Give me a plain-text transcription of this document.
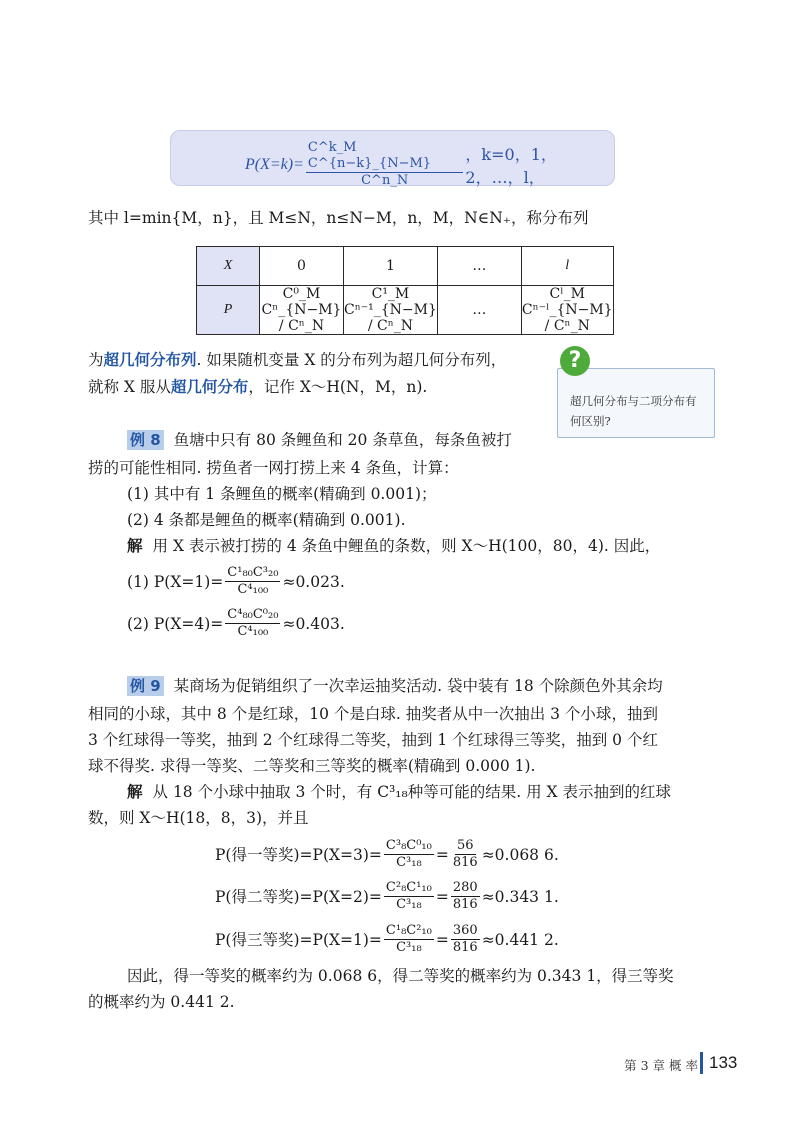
$P(X=k)= \frac{\text{C\textasciicircum{}k\_M C\textasciicircum{}\{n−k\}\_\{N−M\}}}{C\^{}n\_N}$ ，k=0，1，2，…，l，
其中 l=min{M，n}，且 M≤N，n≤N−M，n，M，N∈N₊，称分布列
X	0	1	…	l
P	C⁰_M Cⁿ_{N−M} / Cⁿ_N	C¹_M Cⁿ⁻¹_{N−M} / Cⁿ_N	…	Cˡ_M Cⁿ⁻ˡ_{N−M} / Cⁿ_N
为超几何分布列. 如果随机变量 X 的分布列为超几何分布列，
就称 X 服从超几何分布，记作 X～H(N，M，n).
超几何分布与二项分布有何区别?
?
例 8 鱼塘中只有 80 条鲤鱼和 20 条草鱼，每条鱼被打
捞的可能性相同. 捞鱼者一网打捞上来 4 条鱼，计算：
(1) 其中有 1 条鲤鱼的概率(精确到 0.001)；
(2) 4 条都是鲤鱼的概率(精确到 0.001).
解 用 X 表示被打捞的 4 条鱼中鲤鱼的条数，则 X～H(100，80，4). 因此，
(1) $P(X=1)= \frac{\text{C¹₈₀C³₂₀}}{\text{C⁴₁₀₀}} \approx 0.023$.
(2) $P(X=4)= \frac{\text{C⁴₈₀C⁰₂₀}}{\text{C⁴₁₀₀}} \approx 0.403$.
例 9 某商场为促销组织了一次幸运抽奖活动. 袋中装有 18 个除颜色外其余均
相同的小球，其中 8 个是红球，10 个是白球. 抽奖者从中一次抽出 3 个小球，抽到
3 个红球得一等奖，抽到 2 个红球得二等奖，抽到 1 个红球得三等奖，抽到 0 个红
球不得奖. 求得一等奖、二等奖和三等奖的概率(精确到 0.000 1).
解 从 18 个小球中抽取 3 个时，有 C³₁₈种等可能的结果. 用 X 表示抽到的红球
数，则 X～H(18，8，3)，并且
P(得一等奖)$=P(X=3)= \frac{\text{C³₈C⁰₁₀}}{\text{C³₁₈}} = \frac{56}{816} \approx 0.068$ 6.
P(得二等奖)$=P(X=2)= \frac{\text{C²₈C¹₁₀}}{\text{C³₁₈}} = \frac{280}{816} \approx 0.343$ 1.
P(得三等奖)$=P(X=1)= \frac{\text{C¹₈C²₁₀}}{\text{C³₁₈}} = \frac{360}{816} \approx 0.441$ 2.
因此，得一等奖的概率约为 0.068 6，得二等奖的概率约为 0.343 1，得三等奖
的概率约为 0.441 2.
第 3 章 概 率 133
